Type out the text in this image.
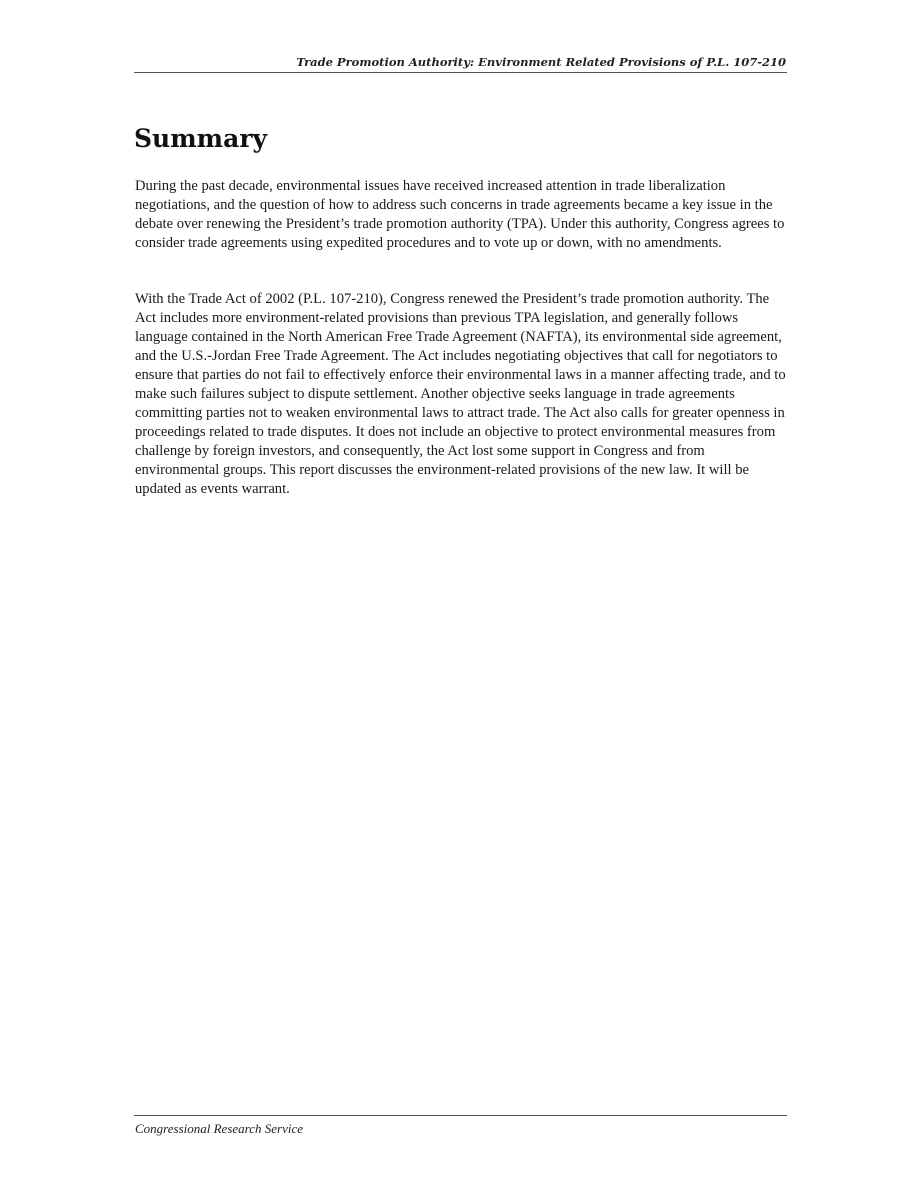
Trade Promotion Authority: Environment Related Provisions of P.L. 107-210
Summary

During the past decade, environmental issues have received increased attention in trade liberalization negotiations, and the question of how to address such concerns in trade agreements became a key issue in the debate over renewing the President’s trade promotion authority (TPA). Under this authority, Congress agrees to consider trade agreements using expedited procedures and to vote up or down, with no amendments.

With the Trade Act of 2002 (P.L. 107-210), Congress renewed the President’s trade promotion authority. The Act includes more environment-related provisions than previous TPA legislation, and generally follows language contained in the North American Free Trade Agreement (NAFTA), its environmental side agreement, and the U.S.-Jordan Free Trade Agreement. The Act includes negotiating objectives that call for negotiators to ensure that parties do not fail to effectively enforce their environmental laws in a manner affecting trade, and to make such failures subject to dispute settlement. Another objective seeks language in trade agreements committing parties not to weaken environmental laws to attract trade. The Act also calls for greater openness in proceedings related to trade disputes. It does not include an objective to protect environmental measures from challenge by foreign investors, and consequently, the Act lost some support in Congress and from environmental groups. This report discusses the environment-related provisions of the new law. It will be updated as events warrant.

Congressional Research Service
